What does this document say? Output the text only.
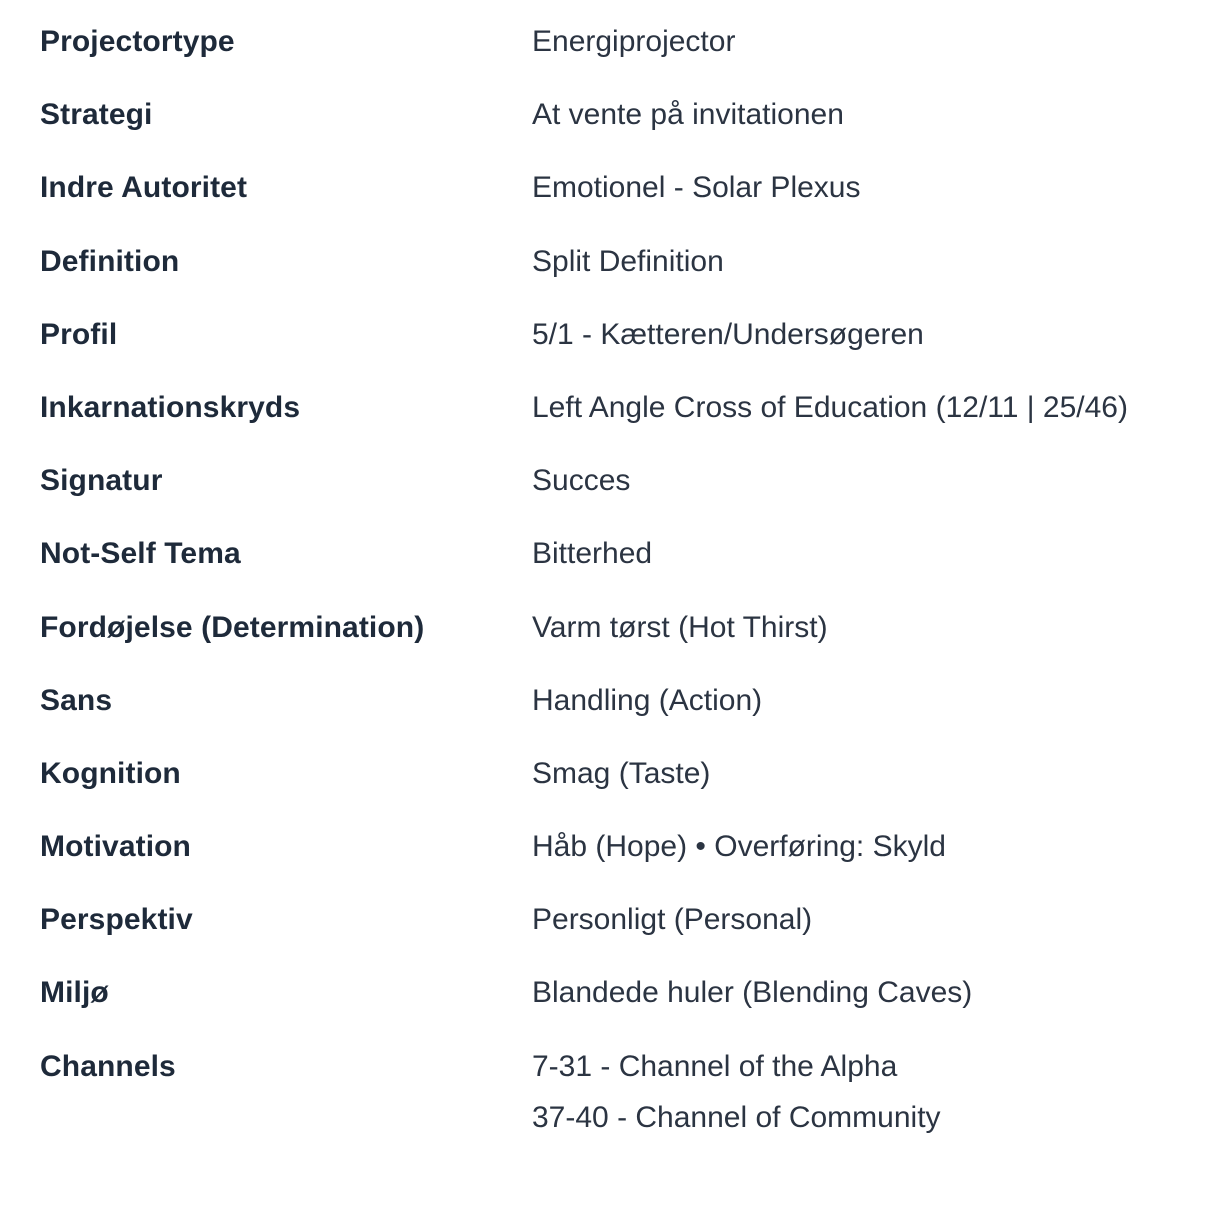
Projectortype	Energiprojector
Strategi	At vente på invitationen
Indre Autoritet	Emotionel - Solar Plexus
Definition	Split Definition
Profil	5/1 - Kætteren/Undersøgeren
Inkarnationskryds	Left Angle Cross of Education (12/11 | 25/46)
Signatur	Succes
Not-Self Tema	Bitterhed
Fordøjelse (Determination)	Varm tørst (Hot Thirst)
Sans	Handling (Action)
Kognition	Smag (Taste)
Motivation	Håb (Hope) • Overføring: Skyld
Perspektiv	Personligt (Personal)
Miljø	Blandede huler (Blending Caves)
Channels	7-31 - Channel of the Alpha
37-40 - Channel of Community
